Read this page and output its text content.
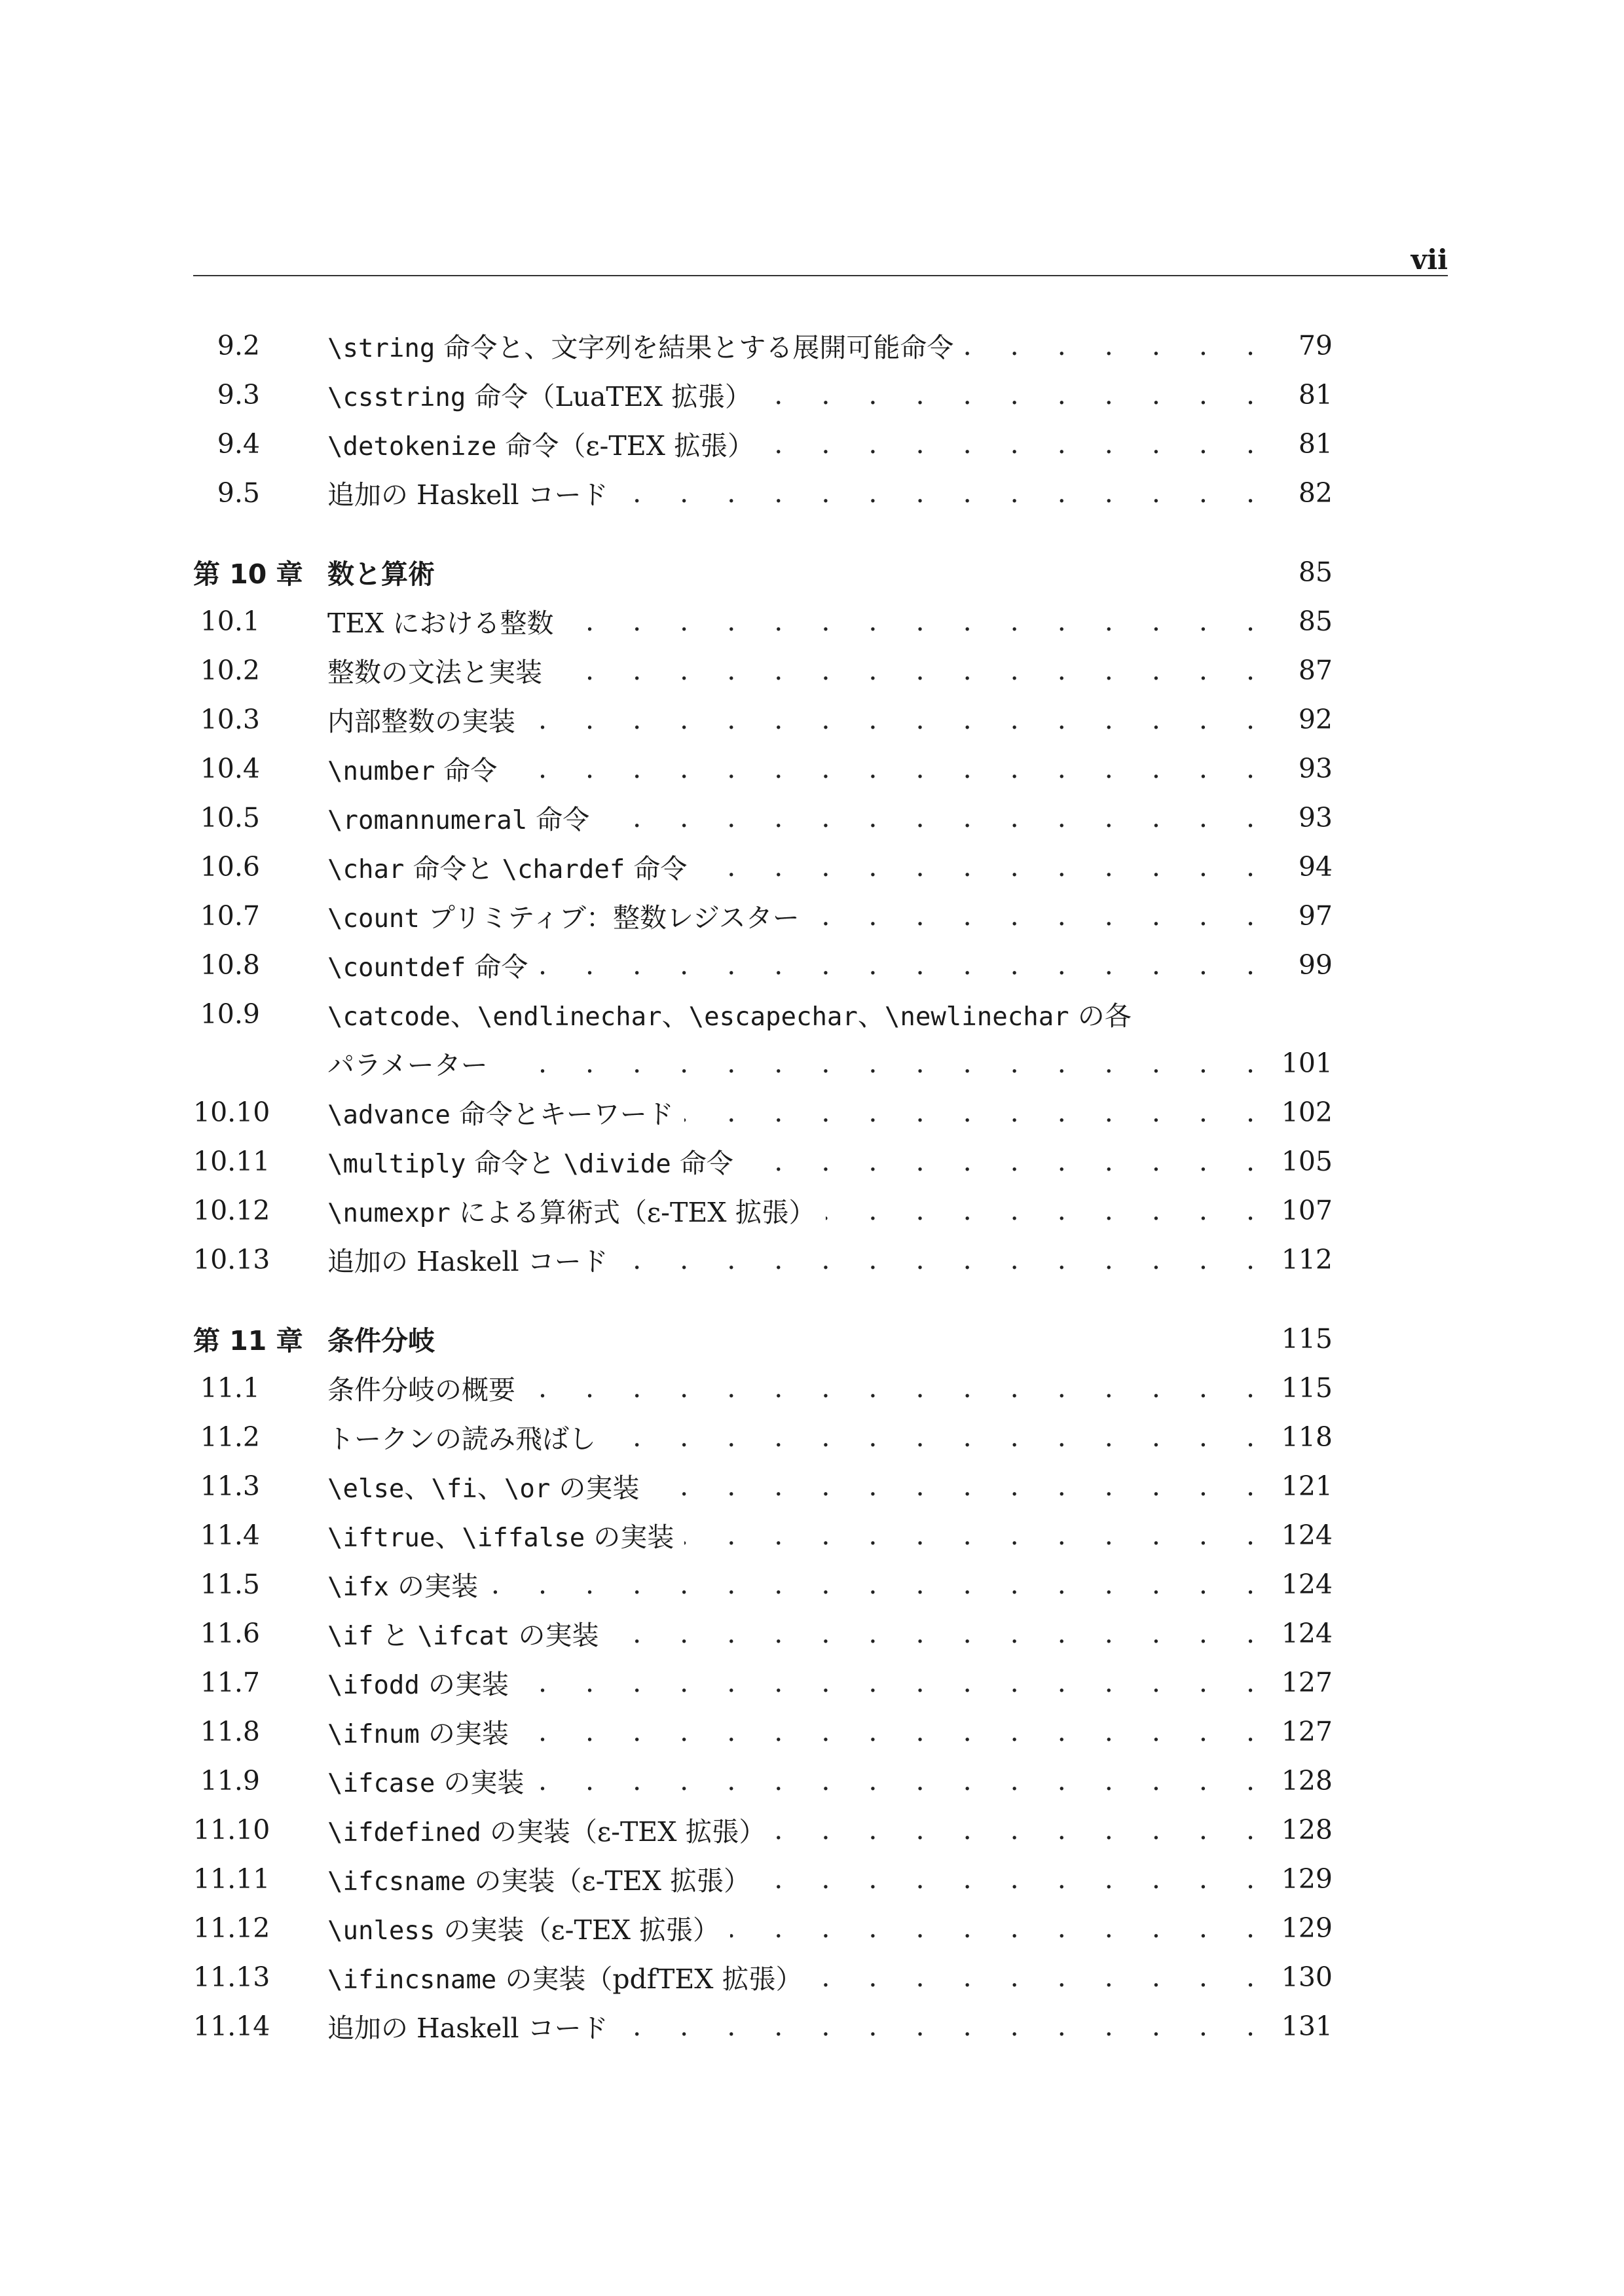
vii
9.2	\string 命令と、文字列を結果とする展開可能命令 . . .	79
9.3	\csstring 命令（LuaTEX 拡張） . . .	81
9.4	\detokenize 命令（ε-TEX 拡張） . . .	81
9.5	追加の Haskell コード . . .	82
第 10 章 数と算術	85
10.1	TEX における整数 . . .	85
10.2	整数の文法と実装 . . .	87
10.3	内部整数の実装 . . .	92
10.4	\number 命令 . . .	93
10.5	\romannumeral 命令 . . .	93
10.6	\char 命令と \chardef 命令 . . .	94
10.7	\count プリミティブ：整数レジスター . . .	97
10.8	\countdef 命令 . . .	99
10.9	\catcode、\endlinechar、\escapechar、\newlinechar の各
パラメーター . . .	101
10.10	\advance 命令とキーワード . . .	102
10.11	\multiply 命令と \divide 命令 . . .	105
10.12	\numexpr による算術式（ε-TEX 拡張） . . .	107
10.13	追加の Haskell コード . . .	112
第 11 章 条件分岐	115
11.1	条件分岐の概要 . . .	115
11.2	トークンの読み飛ばし . . .	118
11.3	\else、\fi、\or の実装 . . .	121
11.4	\iftrue、\iffalse の実装 . . .	124
11.5	\ifx の実装 . . .	124
11.6	\if と \ifcat の実装 . . .	124
11.7	\ifodd の実装 . . .	127
11.8	\ifnum の実装 . . .	127
11.9	\ifcase の実装 . . .	128
11.10	\ifdefined の実装（ε-TEX 拡張） . . .	128
11.11	\ifcsname の実装（ε-TEX 拡張） . . .	129
11.12	\unless の実装（ε-TEX 拡張） . . .	129
11.13	\ifincsname の実装（pdfTEX 拡張） . . .	130
11.14	追加の Haskell コード . . .	131
